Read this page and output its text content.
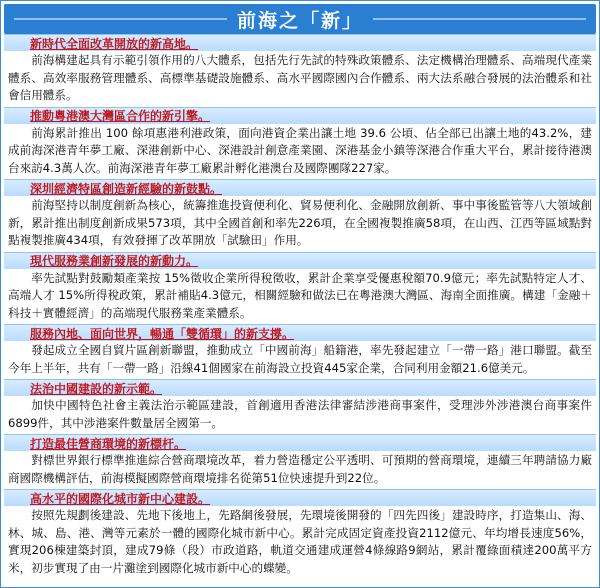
前海之「新」
新時代全面改革開放的新高地。

前海構建起具有示範引領作用的八大體系，包括先行先試的特殊政策體系、法定機構治理體系、高端現代產業體系、高效率服務管理體系、高標準基礎設施體系、高水平國際國內合作體系、兩大法系融合發展的法治體系和社會信用體系。

推動粵港澳大灣區合作的新引擎。

前海累計推出 100 餘項惠港利港政策，面向港資企業出讓土地 39.6 公頃、佔全部已出讓土地的43.2%，建成前海深港青年夢工廠、深港創新中心、深港設計創意產業園、深港基金小鎮等深港合作重大平台，累計接待港澳台來訪4.3萬人次。前海深港青年夢工廠累計孵化港澳台及國際團隊227家。

深圳經濟特區創造新經驗的新鼓點。

前海堅持以制度創新為核心，統籌推進投資便利化、貿易便利化、金融開放創新、事中事後監管等八大領域創新，累計推出制度創新成果573項，其中全國首創和率先226項，在全國複製推廣58項，在山西、江西等區域點對點複製推廣434項，有效發揮了改革開放「試驗田」作用。

現代服務業創新發展的新動力。

率先試點對鼓勵類產業按 15%徵收企業所得稅徵收，累計企業享受優惠稅額70.9億元；率先試點特定人才、高端人才 15%所得稅政策，累計補貼4.3億元，相關經驗和做法已在粵港澳大灣區、海南全面推廣。構建「金融＋科技＋實體經濟」的高端現代服務業產業體系。

服務內地、面向世界，暢通「雙循環」的新支撐。

發起成立全國自貿片區創新聯盟，推動成立「中國前海」船籍港，率先發起建立「一帶一路」港口聯盟。截至今年上半年，共有「一帶一路」沿線41個國家在前海設立投資445家企業，合同利用金額21.6億美元。

法治中國建設的新示範。

加快中國特色社會主義法治示範區建設，首創適用香港法律審結涉港商事案件，受理涉外涉港澳台商事案件6899件，其中涉港案件數量居全國第一。

打造最佳營商環境的新標杆。

對標世界銀行標準推進綜合營商環境改革，着力營造穩定公平透明、可預期的營商環境，連續三年聘請協力廠商國際機構評估，前海模擬國際營商環境排名從第51位快速提升到22位。

高水平的國際化城市新中心建設。

按照先規劃後建設、先地下後地上，先路網後發展，先環境後開發的「四先四後」建設時序，打造集山、海、林、城、島、港、灣等元素於一體的國際化城市新中心。累計完成固定資產投資2112億元、年均增長速度56%，實現206棟建築封頂，建成79條（段）市政道路，軌道交通建成運營4條線路9網站，累計覆綠面積達200萬平方米，初步實現了由一片灘塗到國際化城市新中心的蝶變。
